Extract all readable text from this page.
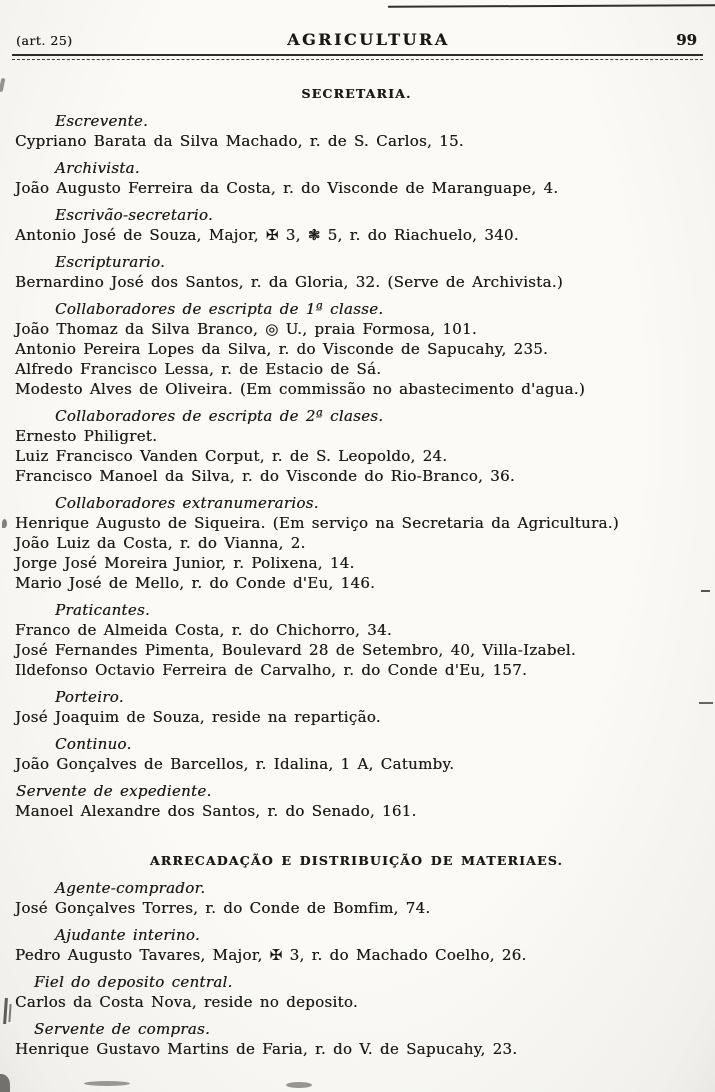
(art. 25)	AGRICULTURA	99
SECRETARIA.
Escrevente.
Cypriano Barata da Silva Machado, r. de S. Carlos, 15.
Archivista.
João Augusto Ferreira da Costa, r. do Visconde de Maranguape, 4.
Escrivão-secretario.
Antonio José de Souza, Major, ✠ 3, ❃ 5, r. do Riachuelo, 340.
Escripturario.
Bernardino José dos Santos, r. da Gloria, 32. (Serve de Archivista.)
Collaboradores de escripta de 1ª classe.
João Thomaz da Silva Branco, ◎ U., praia Formosa, 101.
Antonio Pereira Lopes da Silva, r. do Visconde de Sapucahy, 235.
Alfredo Francisco Lessa, r. de Estacio de Sá.
Modesto Alves de Oliveira. (Em commissão no abastecimento d'agua.)
Collaboradores de escripta de 2ª clases.
Ernesto Philigret.
Luiz Francisco Vanden Corput, r. de S. Leopoldo, 24.
Francisco Manoel da Silva, r. do Visconde do Rio-Branco, 36.
Collaboradores extranumerarios.
Henrique Augusto de Siqueira. (Em serviço na Secretaria da Agricultura.)
João Luiz da Costa, r. do Vianna, 2.
Jorge José Moreira Junior, r. Polixena, 14.
Mario José de Mello, r. do Conde d'Eu, 146.
Praticantes.
Franco de Almeida Costa, r. do Chichorro, 34.
José Fernandes Pimenta, Boulevard 28 de Setembro, 40, Villa-Izabel.
Ildefonso Octavio Ferreira de Carvalho, r. do Conde d'Eu, 157.
Porteiro.
José Joaquim de Souza, reside na repartição.
Continuo.
João Gonçalves de Barcellos, r. Idalina, 1 A, Catumby.
Servente de expediente.
Manoel Alexandre dos Santos, r. do Senado, 161.
ARRECADAÇÃO E DISTRIBUIÇÃO DE MATERIAES.
Agente-comprador.
José Gonçalves Torres, r. do Conde de Bomfim, 74.
Ajudante interino.
Pedro Augusto Tavares, Major, ✠ 3, r. do Machado Coelho, 26.
Fiel do deposito central.
Carlos da Costa Nova, reside no deposito.
Servente de compras.
Henrique Gustavo Martins de Faria, r. do V. de Sapucahy, 23.
